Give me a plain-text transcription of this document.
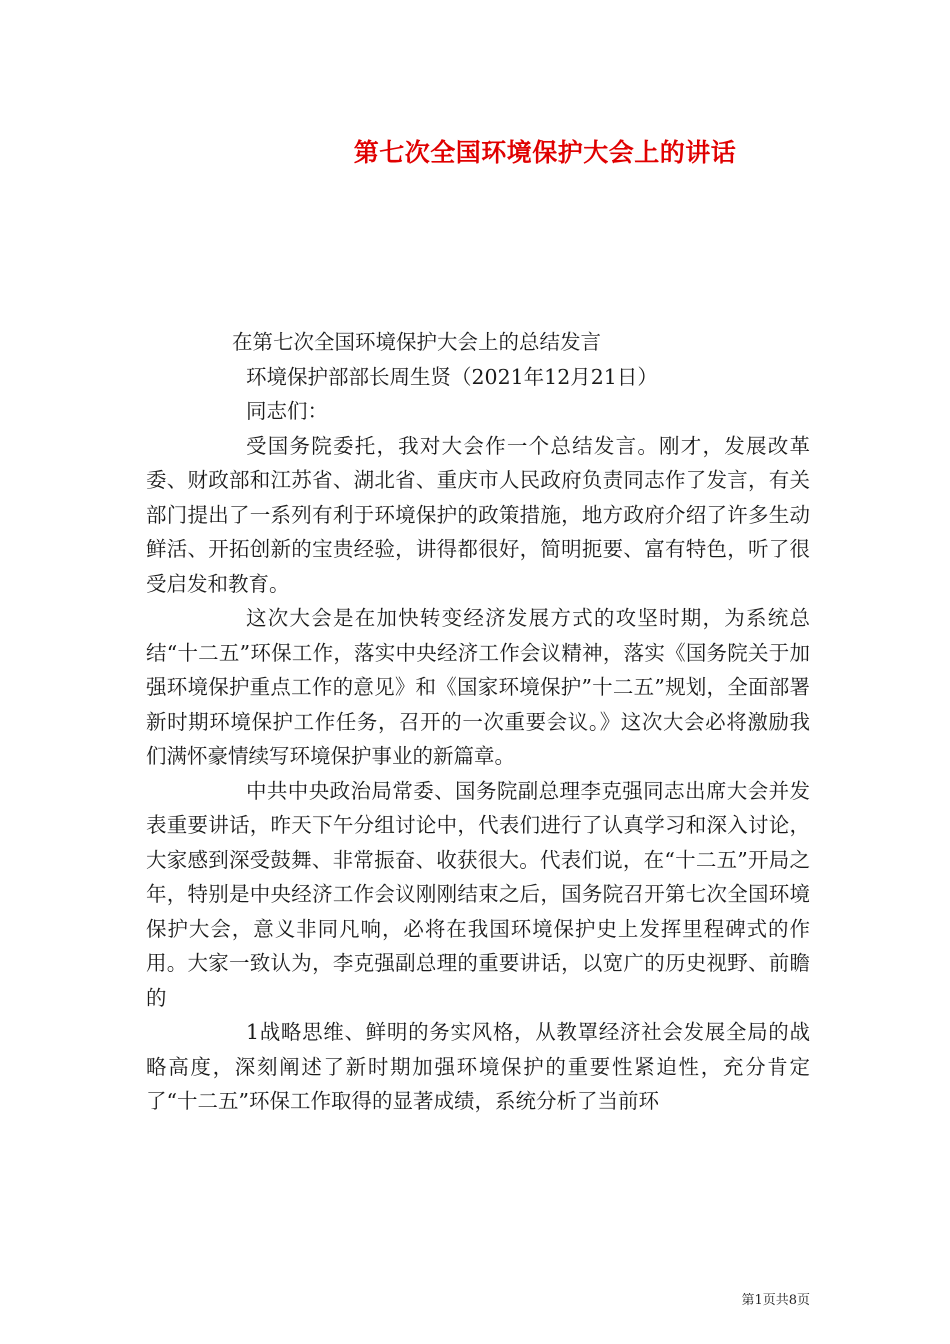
第七次全国环境保护大会上的讲话

在第七次全国环境保护大会上的总结发言

环境保护部部长周生贤（2021年12月21日）

同志们：

受国务院委托，我对大会作一个总结发言。刚才，发展改革委、财政部和江苏省、湖北省、重庆市人民政府负责同志作了发言，有关部门提出了一系列有利于环境保护的政策措施，地方政府介绍了许多生动鲜活、开拓创新的宝贵经验，讲得都很好，简明扼要、富有特色，听了很受启发和教育。

这次大会是在加快转变经济发展方式的攻坚时期，为系统总结“十二五”环保工作，落实中央经济工作会议精神，落实《国务院关于加强环境保护重点工作的意见》和《国家环境保护”十二五”规划，全面部署新时期环境保护工作任务，召开的一次重要会议。》这次大会必将激励我们满怀豪情续写环境保护事业的新篇章。

中共中央政治局常委、国务院副总理李克强同志出席大会并发表重要讲话，昨天下午分组讨论中，代表们进行了认真学习和深入讨论，大家感到深受鼓舞、非常振奋、收获很大。代表们说，在“十二五”开局之年，特别是中央经济工作会议刚刚结束之后，国务院召开第七次全国环境保护大会，意义非同凡响，必将在我国环境保护史上发挥里程碑式的作用。大家一致认为，李克强副总理的重要讲话，以宽广的历史视野、前瞻的

1战略思维、鲜明的务实风格，从教罩经济社会发展全局的战略高度，深刻阐述了新时期加强环境保护的重要性紧迫性，充分肯定了“十二五”环保工作取得的显著成绩，系统分析了当前环

第1页共8页
